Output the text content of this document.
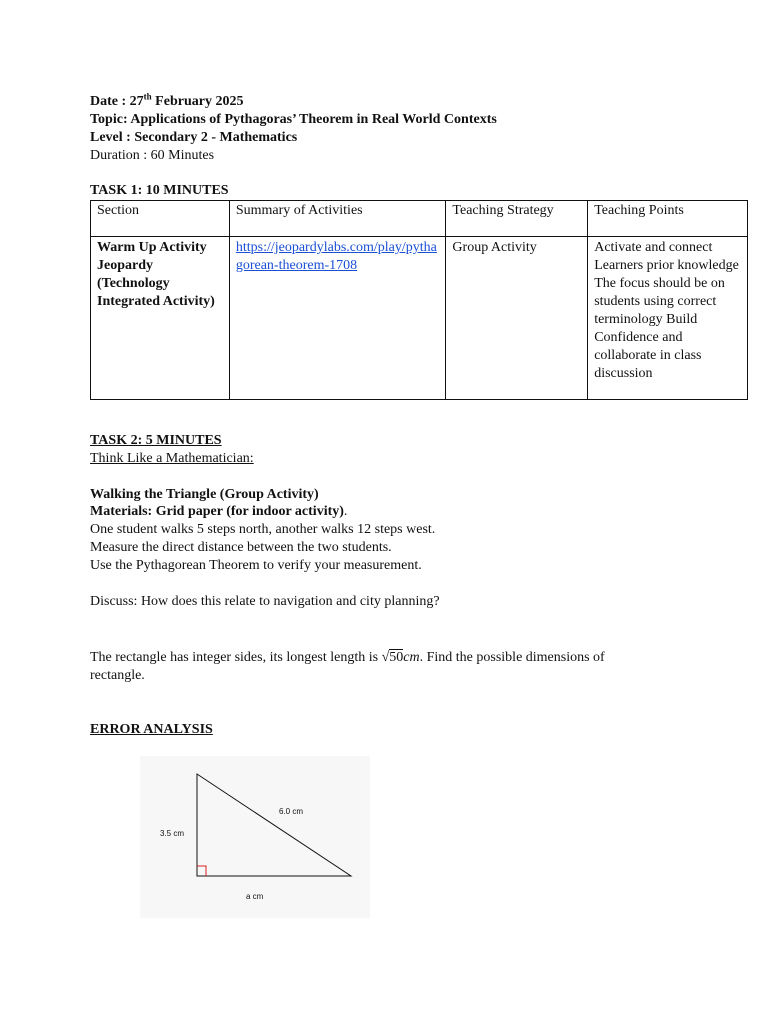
Date : 27th February 2025
Topic: Applications of Pythagoras’ Theorem in Real World Contexts
Level : Secondary 2 - Mathematics
Duration : 60 Minutes
TASK 1: 10 MINUTES
Section	Summary of Activities	Teaching Strategy	Teaching Points
Warm Up Activity Jeopardy (Technology Integrated Activity)	https://jeopardylabs.com/play/pythagorean-theorem-1708	Group Activity	Activate and connect Learners prior knowledge The focus should be on students using correct terminology Build Confidence and collaborate in class discussion
TASK 2: 5 MINUTES
Think Like a Mathematician:
Walking the Triangle (Group Activity)
Materials: Grid paper (for indoor activity).
One student walks 5 steps north, another walks 12 steps west.
Measure the direct distance between the two students.
Use the Pythagorean Theorem to verify your measurement.
Discuss: How does this relate to navigation and city planning?
The rectangle has integer sides, its longest length is √50cm. Find the possible dimensions of
rectangle.
ERROR ANALYSIS
3.5 cm
6.0 cm
a cm
